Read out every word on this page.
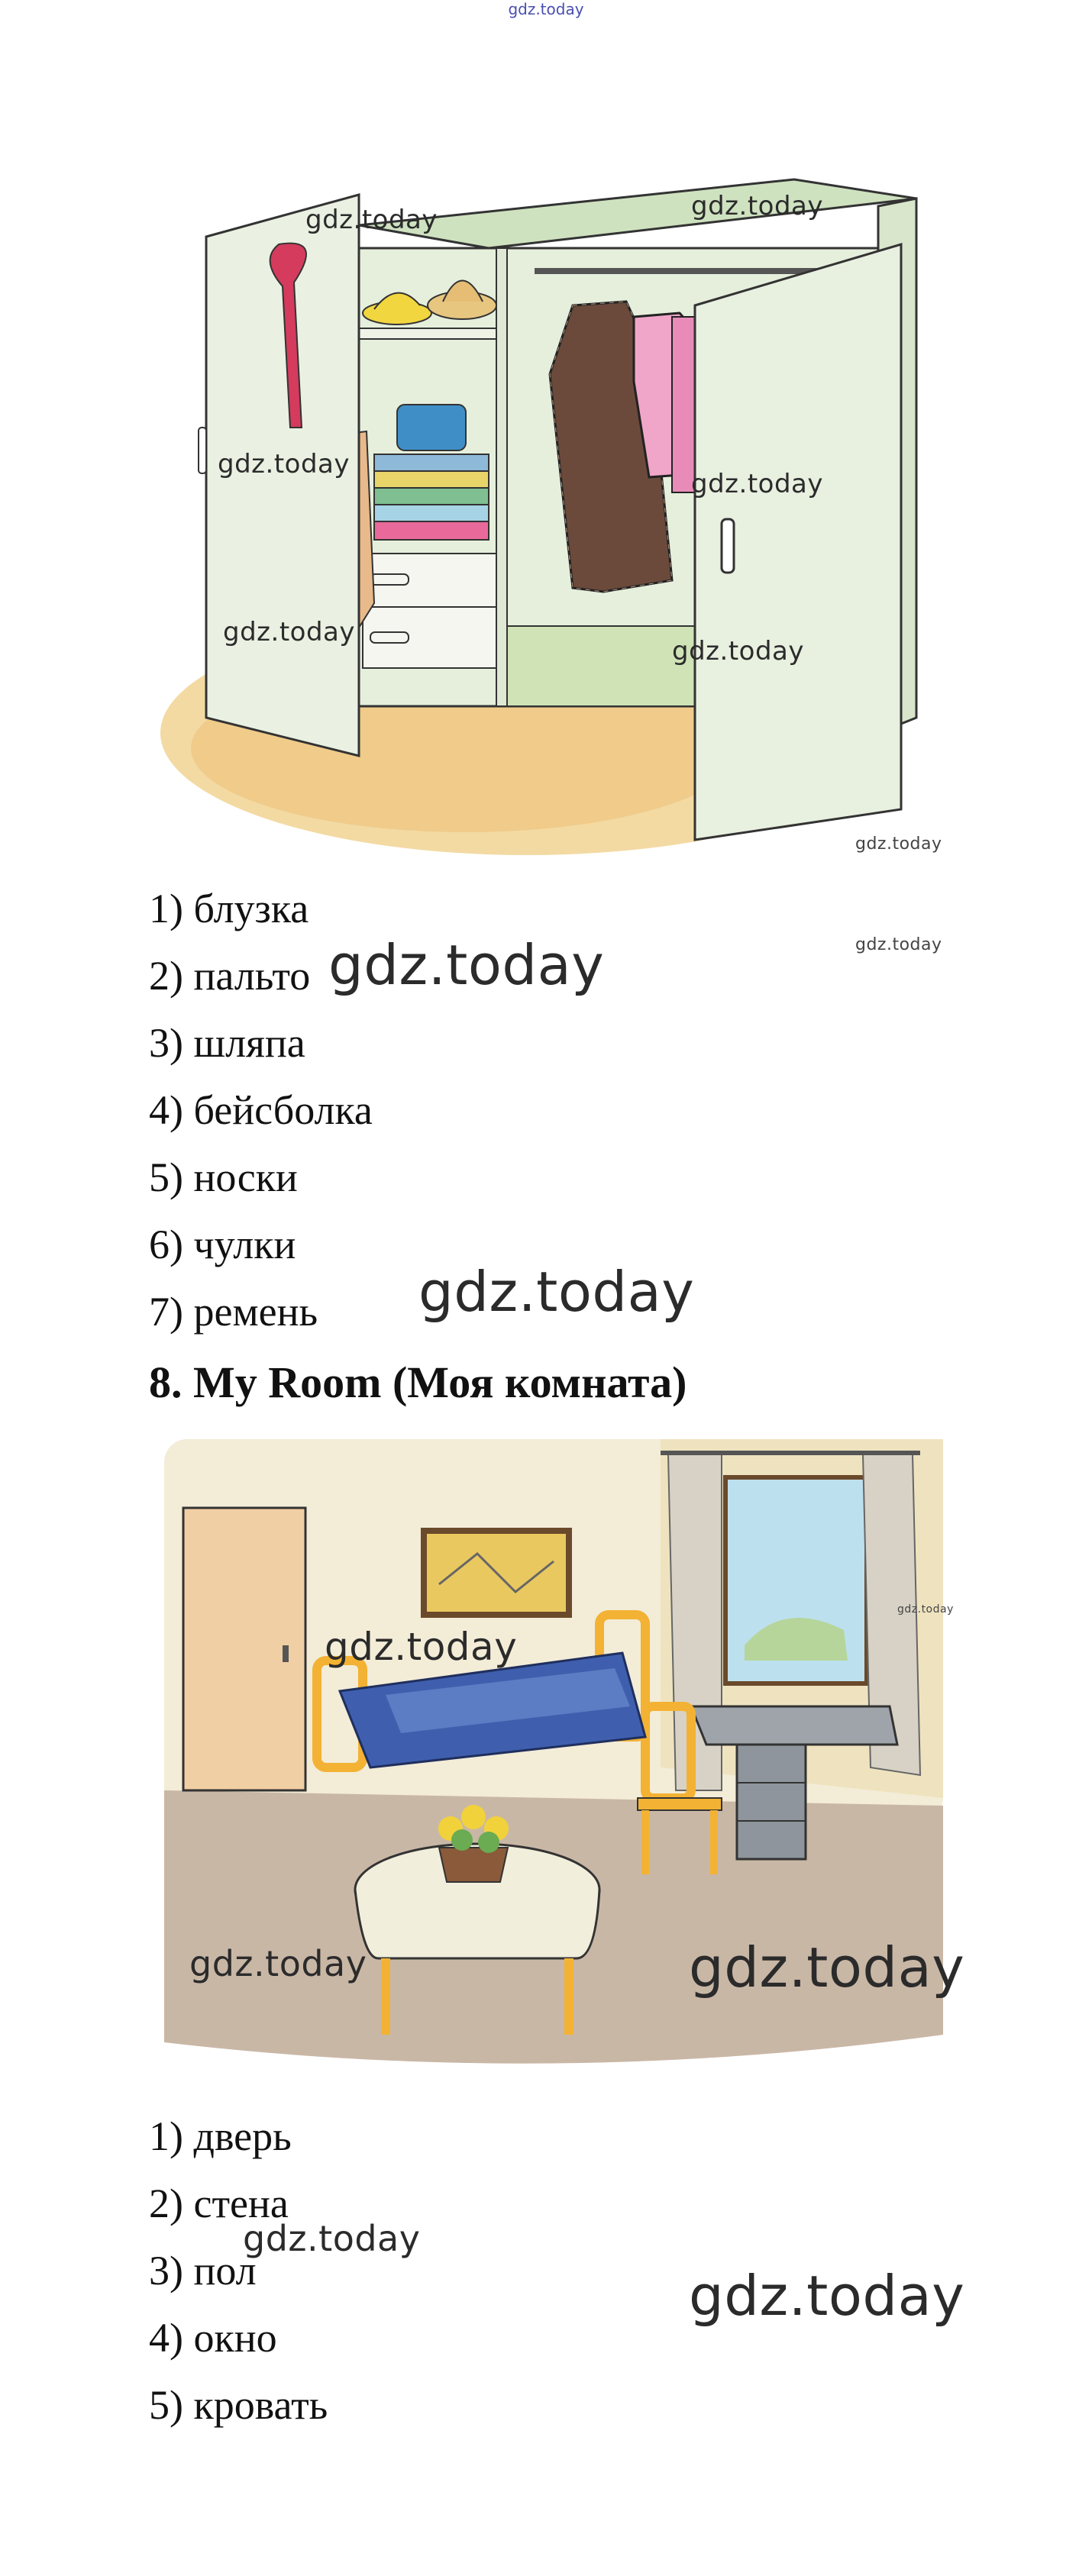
gdz.today
gdz.today	gdz.today
gdz.today
gdz.today
gdz.today
gdz.today
gdz.today
gdz.today
1) блузка
2) пальто
3) шляпа
4) бейсболка
5) носки
6) чулки
7) ремень
gdz.today
gdz.today
8. My Room (Моя комната)
gdz.today
gdz.today
gdz.today	gdz.today
1) дверь
2) стена
3) пол
4) окно
5) кровать
gdz.today
gdz.today
